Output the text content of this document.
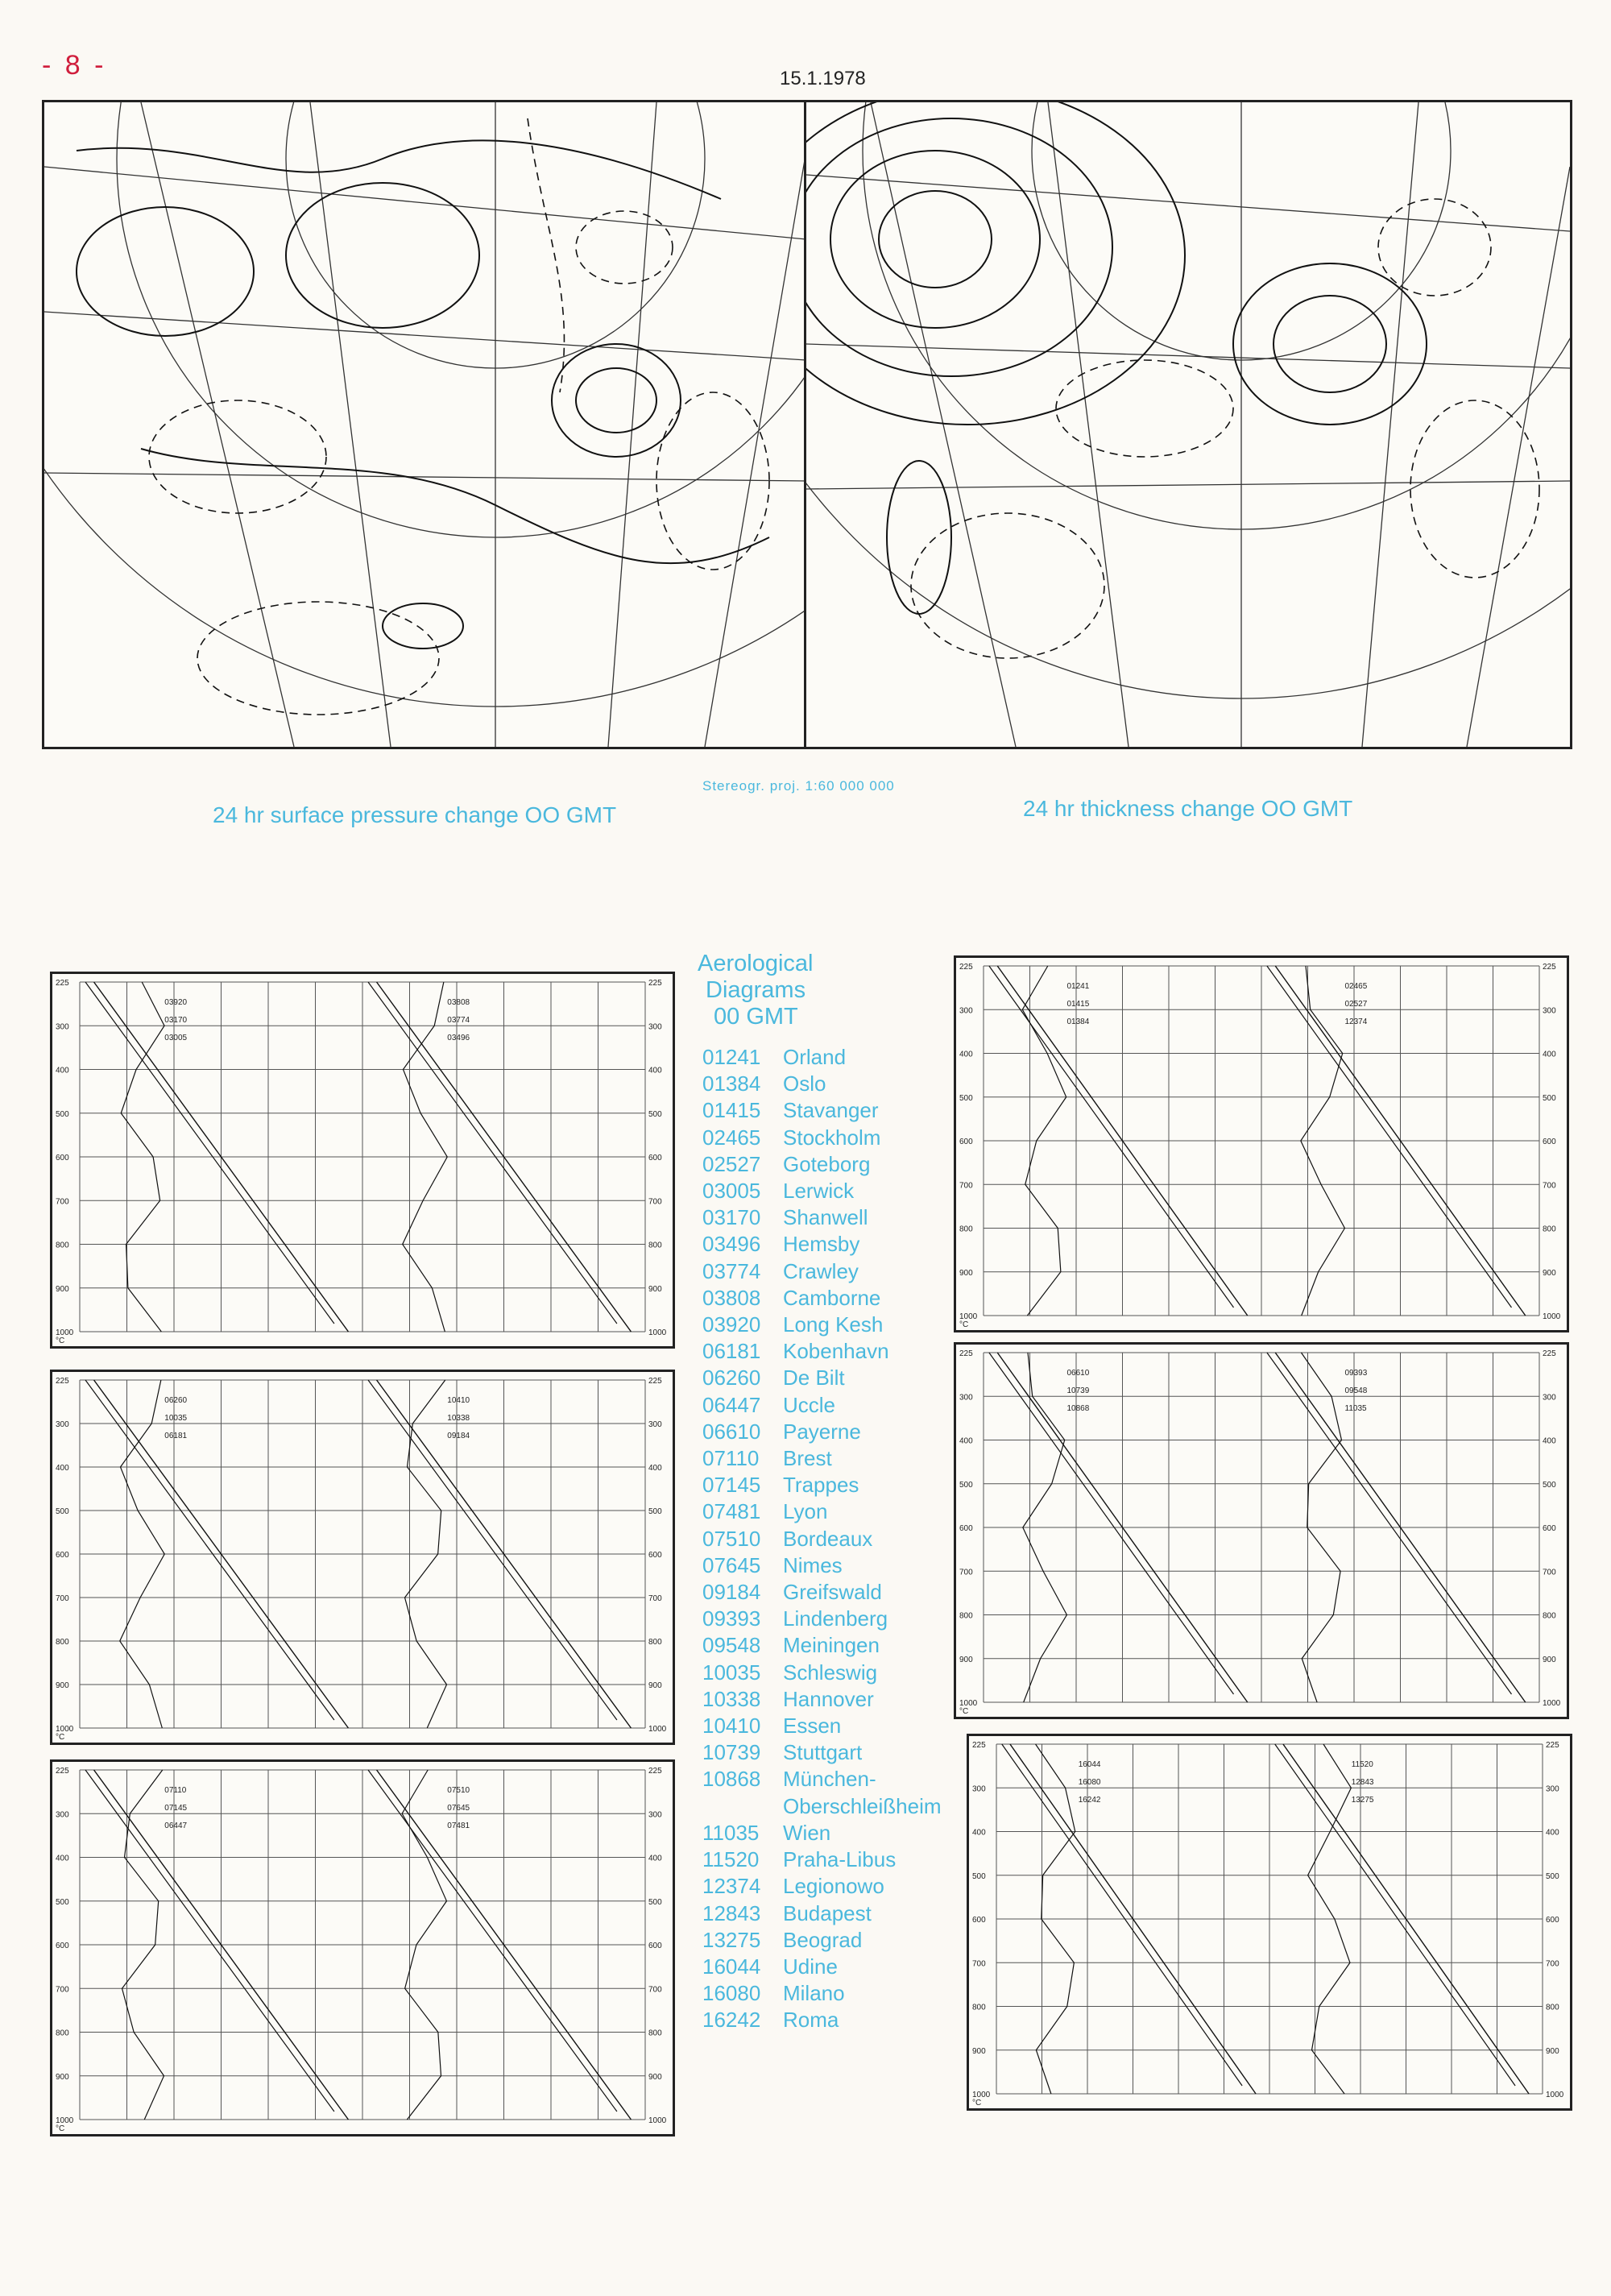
- 8 -	15.1.1978
24 hr surface pressure change OO GMT
Stereogr. proj. 1:60 000 000
24 hr thickness change OO GMT
Aerological
Diagrams
00 GMT
01241	Orland
01384	Oslo
01415	Stavanger
02465	Stockholm
02527	Goteborg
03005	Lerwick
03170	Shanwell
03496	Hemsby
03774	Crawley
03808	Camborne
03920	Long Kesh
06181	Kobenhavn
06260	De Bilt
06447	Uccle
06610	Payerne
07110	Brest
07145	Trappes
07481	Lyon
07510	Bordeaux
07645	Nimes
09184	Greifswald
09393	Lindenberg
09548	Meiningen
10035	Schleswig
10338	Hannover
10410	Essen
10739	Stuttgart
10868	München-
Oberschleißheim
11035	Wien
11520	Praha-Libus
12374	Legionowo
12843	Budapest
13275	Beograd
16044	Udine
16080	Milano
16242	Roma
225	225
300	300
400	400
500	500
600	600
700	700
800	800
900	900
1000	1000
03920
03170
03005
03808
03774
03496
°C
225	225
300	300
400	400
500	500
600	600
700	700
800	800
900	900
1000	1000
06260
10035
06181
10410
10338
09184
°C
225	225
300	300
400	400
500	500
600	600
700	700
800	800
900	900
1000	1000
07110
07145
06447
07510
07645
07481
°C
225	225
300	300
400	400
500	500
600	600
700	700
800	800
900	900
1000	1000
01241
01415
01384
02465
02527
12374
°C
225	225
300	300
400	400
500	500
600	600
700	700
800	800
900	900
1000	1000
06610
10739
10868
09393
09548
11035
°C
225	225
300	300
400	400
500	500
600	600
700	700
800	800
900	900
1000	1000
16044
16080
16242
11520
12843
13275
°C
